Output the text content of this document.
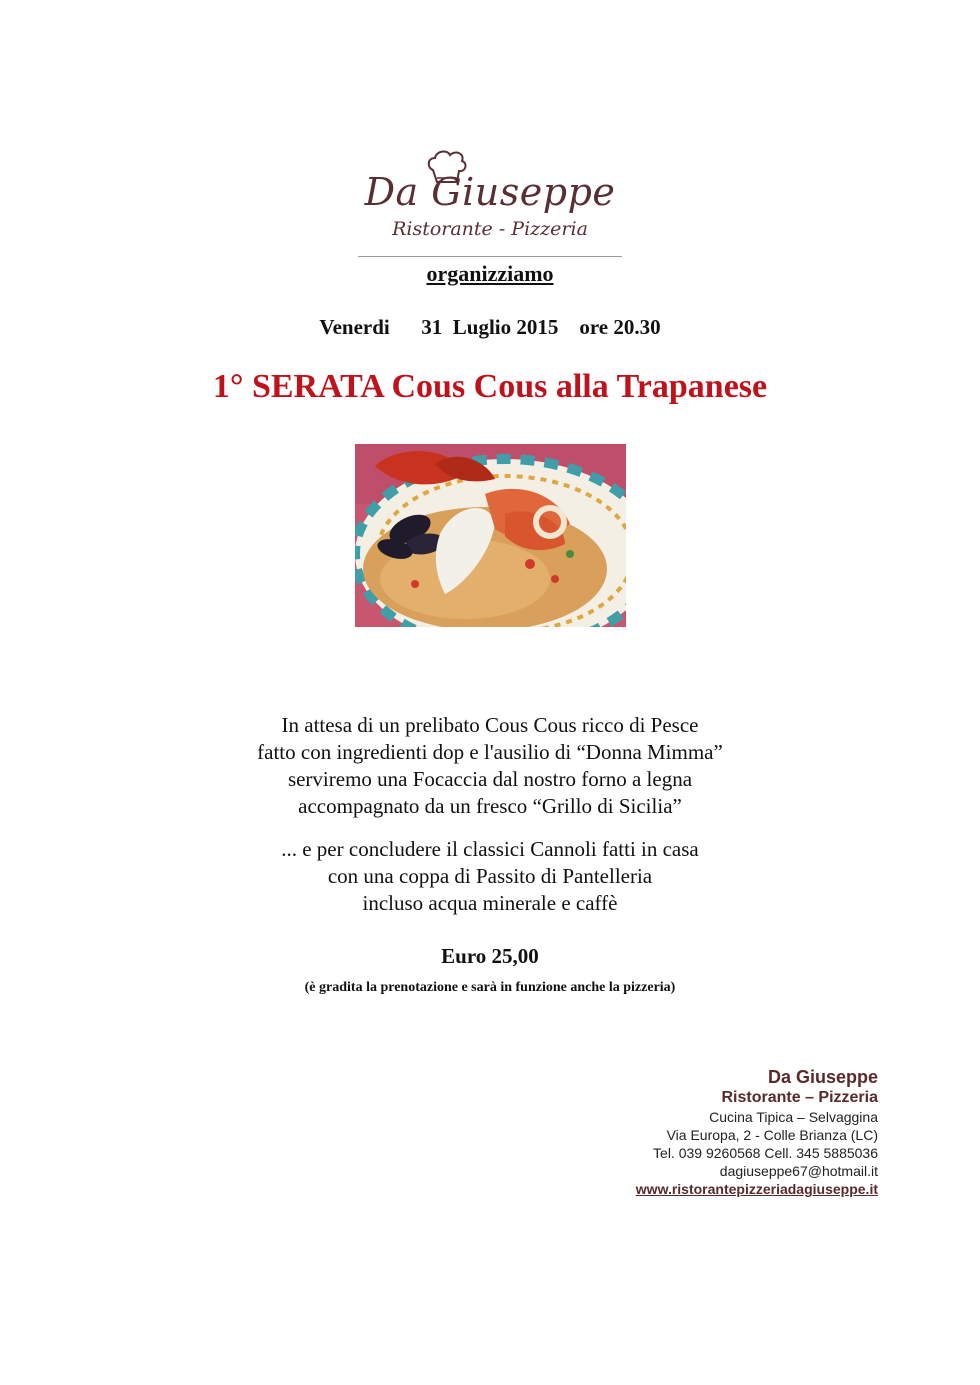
Da Giuseppe
Ristorante - Pizzeria
organizziamo
Venerdi      31  Luglio 2015    ore 20.30
1° SERATA Cous Cous alla Trapanese

In attesa di un prelibato Cous Cous ricco di Pesce

fatto con ingredienti dop e l'ausilio di “Donna Mimma”

serviremo una Focaccia dal nostro forno a legna

accompagnato da un fresco “Grillo di Sicilia”

... e per concludere il classici Cannoli fatti in casa

con una coppa di Passito di Pantelleria

incluso acqua minerale e caffè

Euro 25,00
(è gradita la prenotazione e sarà in funzione anche la pizzeria)
Da Giuseppe
Ristorante – Pizzeria
Cucina Tipica – Selvaggina
Via Europa, 2 - Colle Brianza (LC)
Tel. 039 9260568 Cell. 345 5885036
dagiuseppe67@hotmail.it
www.ristorantepizzeriadagiuseppe.it
